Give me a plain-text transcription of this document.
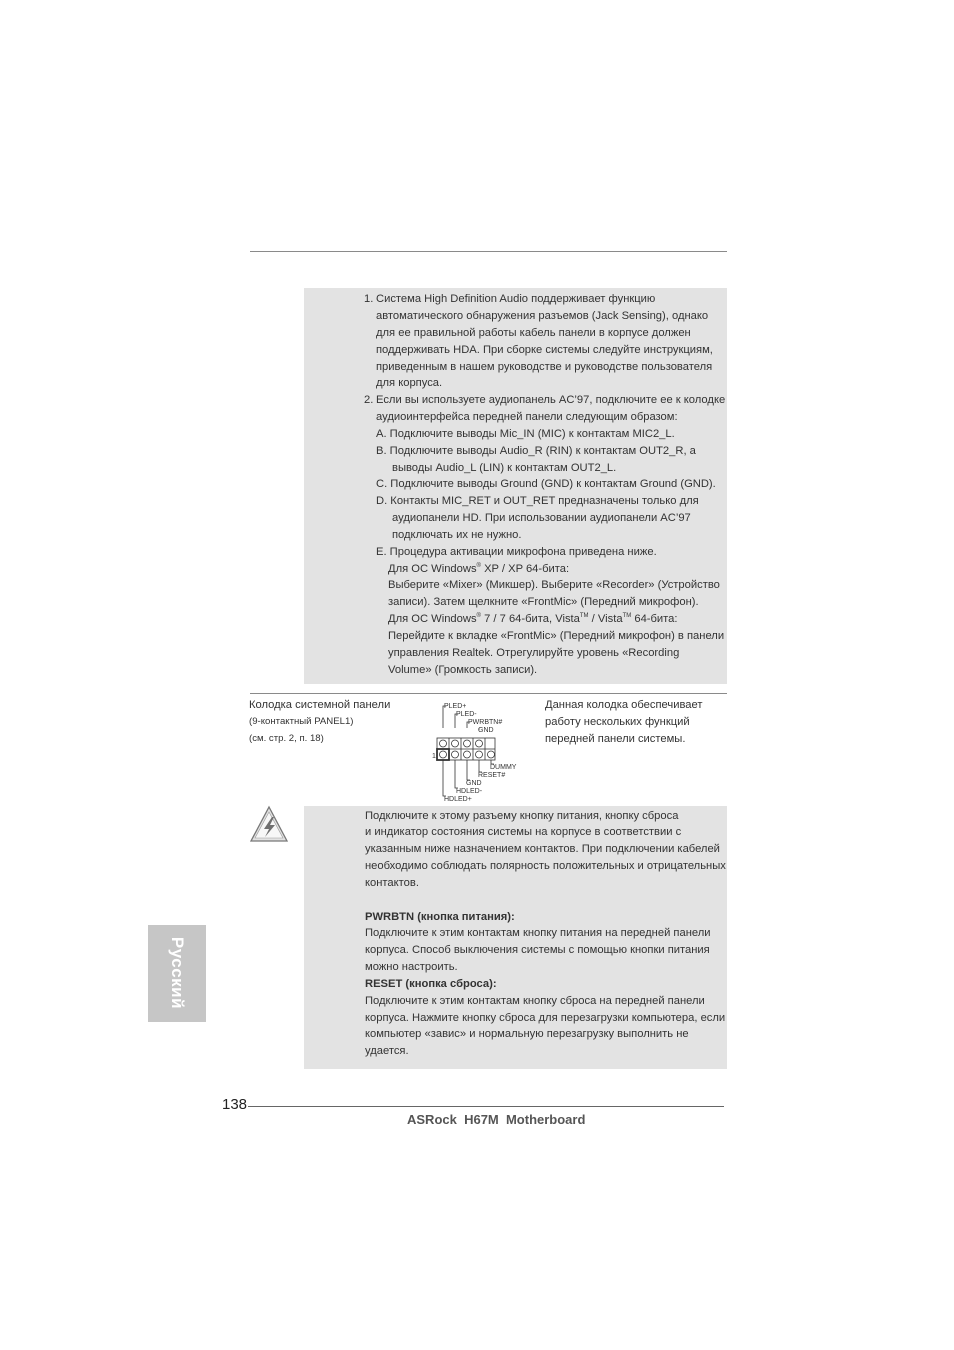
1. Система High Definition Audio поддерживает функцию
автоматического обнаружения разъемов (Jack Sensing), однако
для ее правильной работы кабель панели в корпусе должен
поддерживать HDA. При сборке системы следуйте инструкциям,
приведенным в нашем руководстве и руководстве пользователя
для корпуса.
2. Если вы используете аудиопанель AC’97, подключите ее к колодке
аудиоинтерфейса передней панели следующим образом:
A. Подключите выводы Mic_IN (MIC) к контактам MIC2_L.
B. Подключите выводы Audio_R (RIN) к контактам OUT2_R, а
выводы Audio_L (LIN) к контактам OUT2_L.
C. Подключите выводы Ground (GND) к контактам Ground (GND).
D. Контакты MIC_RET и OUT_RET предназначены только для
аудиопанели HD. При использовании аудиопанели AC’97
подключать их не нужно.
E. Процедура активации микрофона приведена ниже.
Для ОС Windows® XP / XP 64-бита:
Выберите «Mixer» (Микшер). Выберите «Recorder» (Устройство
записи). Затем щелкните «FrontMic» (Передний микрофон).
Для ОС Windows® 7 / 7 64-бита, Vista™ / Vista™ 64-бита:
Перейдите к вкладке «FrontMic» (Передний микрофон) в панели
управления Realtek. Отрегулируйте уровень «Recording
Volume» (Громкость записи).
Колодка системной панели
(9-контактный PANEL1)
(см. стр. 2, п. 18)
Данная колодка обеспечивает
работу нескольких функций
передней панели системы.
PLED+
PLED-
PWRBTN#
GND
DUMMY
RESET#
GND
HDLED-
HDLED+
1
Подключите к этому разъему кнопку питания, кнопку сброса
и индикатор состояния системы на корпусе в соответствии с
указанным ниже назначением контактов. При подключении кабелей
необходимо соблюдать полярность положительных и отрицательных
контактов.
PWRBTN (кнопка питания):
Подключите к этим контактам кнопку питания на передней панели
корпуса. Способ выключения системы с помощью кнопки питания
можно настроить.
RESET (кнопка сброса):
Подключите к этим контактам кнопку сброса на передней панели
корпуса. Нажмите кнопку сброса для перезагрузки компьютера, если
компьютер «завис» и нормальную перезагрузку выполнить не
удается.
Русский
138
ASRock  H67M  Motherboard
